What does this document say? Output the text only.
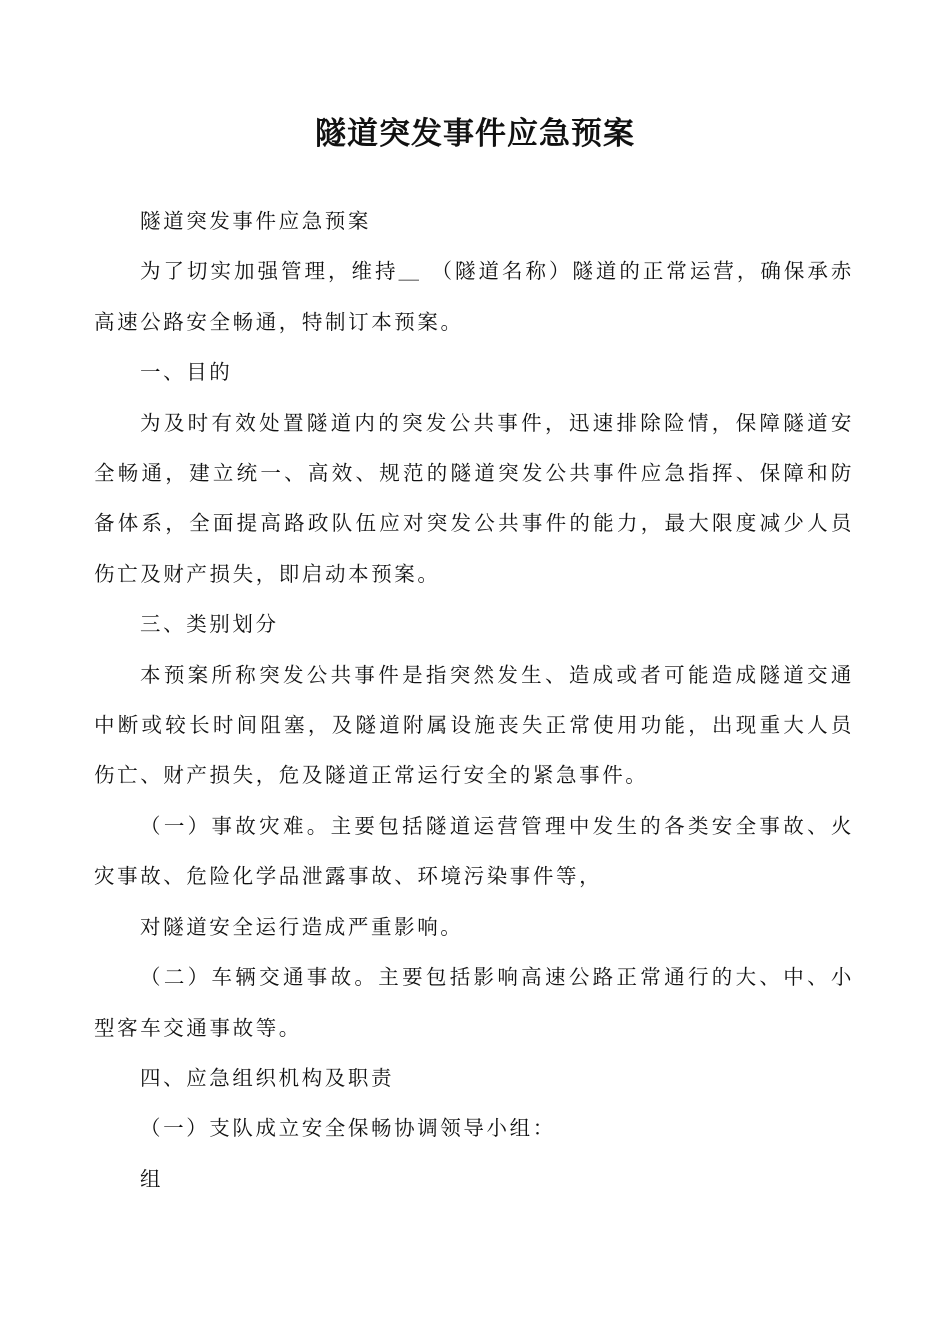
隧道突发事件应急预案

隧道突发事件应急预案

为了切实加强管理，维持＿ （隧道名称）隧道的正常运营，确保承赤高速公路安全畅通，特制订本预案。

一、目的

为及时有效处置隧道内的突发公共事件，迅速排除险情，保障隧道安全畅通，建立统一、高效、规范的隧道突发公共事件应急指挥、保障和防备体系，全面提高路政队伍应对突发公共事件的能力，最大限度减少人员伤亡及财产损失，即启动本预案。

三、类别划分

本预案所称突发公共事件是指突然发生、造成或者可能造成隧道交通中断或较长时间阻塞，及隧道附属设施丧失正常使用功能，出现重大人员伤亡、财产损失，危及隧道正常运行安全的紧急事件。

（一）事故灾难。主要包括隧道运营管理中发生的各类安全事故、火灾事故、危险化学品泄露事故、环境污染事件等，

对隧道安全运行造成严重影响。

（二）车辆交通事故。主要包括影响高速公路正常通行的大、中、小型客车交通事故等。

四、应急组织机构及职责

（一）支队成立安全保畅协调领导小组：

组
